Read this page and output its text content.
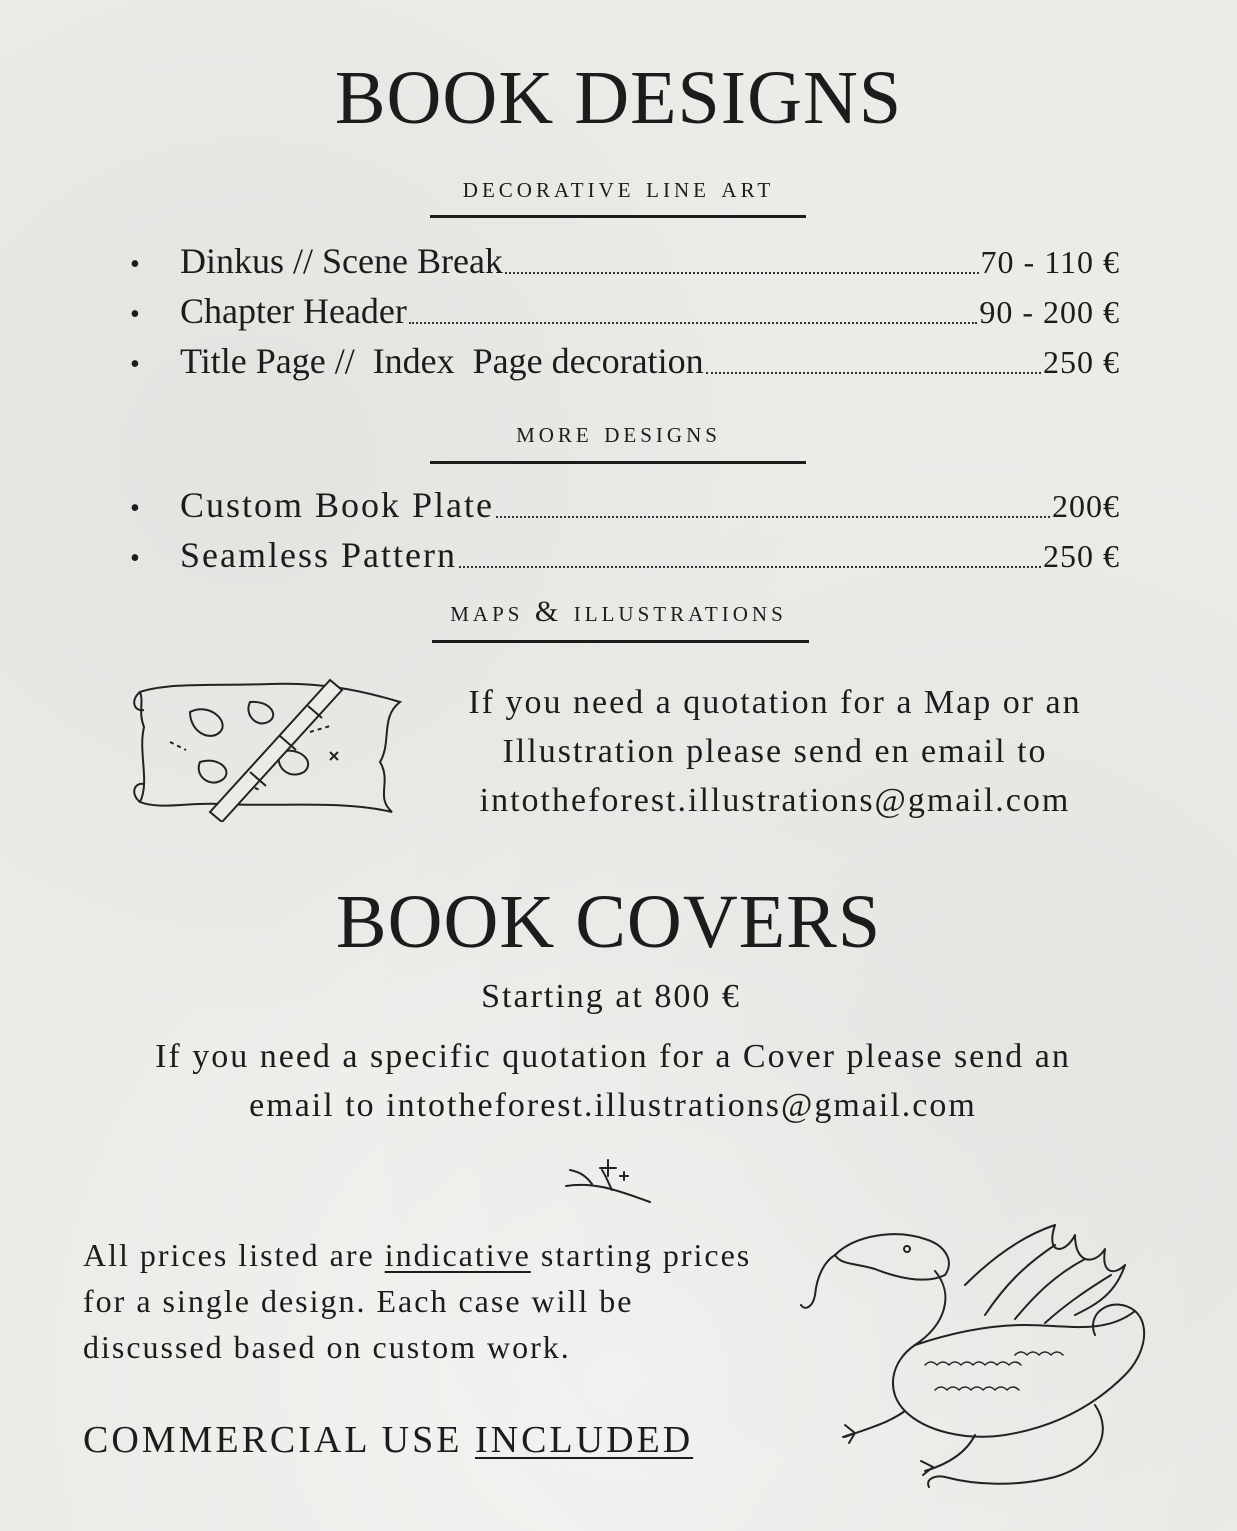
BOOK DESIGNS
decorative line art
•	Dinkus // Scene Break	70 - 110 €
•	Chapter Header	90 - 200 €
•	Title Page //  Index  Page decoration	250 €
more designs
•	Custom Book Plate	200€
•	Seamless Pattern	250 €
maps & illustrations
If you need a quotation for a Map or an
Illustration please send en email to
intotheforest.illustrations@gmail.com
BOOK COVERS
Starting at 800 €
If you need a specific quotation for a Cover please send an
email to intotheforest.illustrations@gmail.com
All prices listed are indicative starting prices
for a single design. Each case will be
discussed based on custom work.
COMMERCIAL USE INCLUDED
